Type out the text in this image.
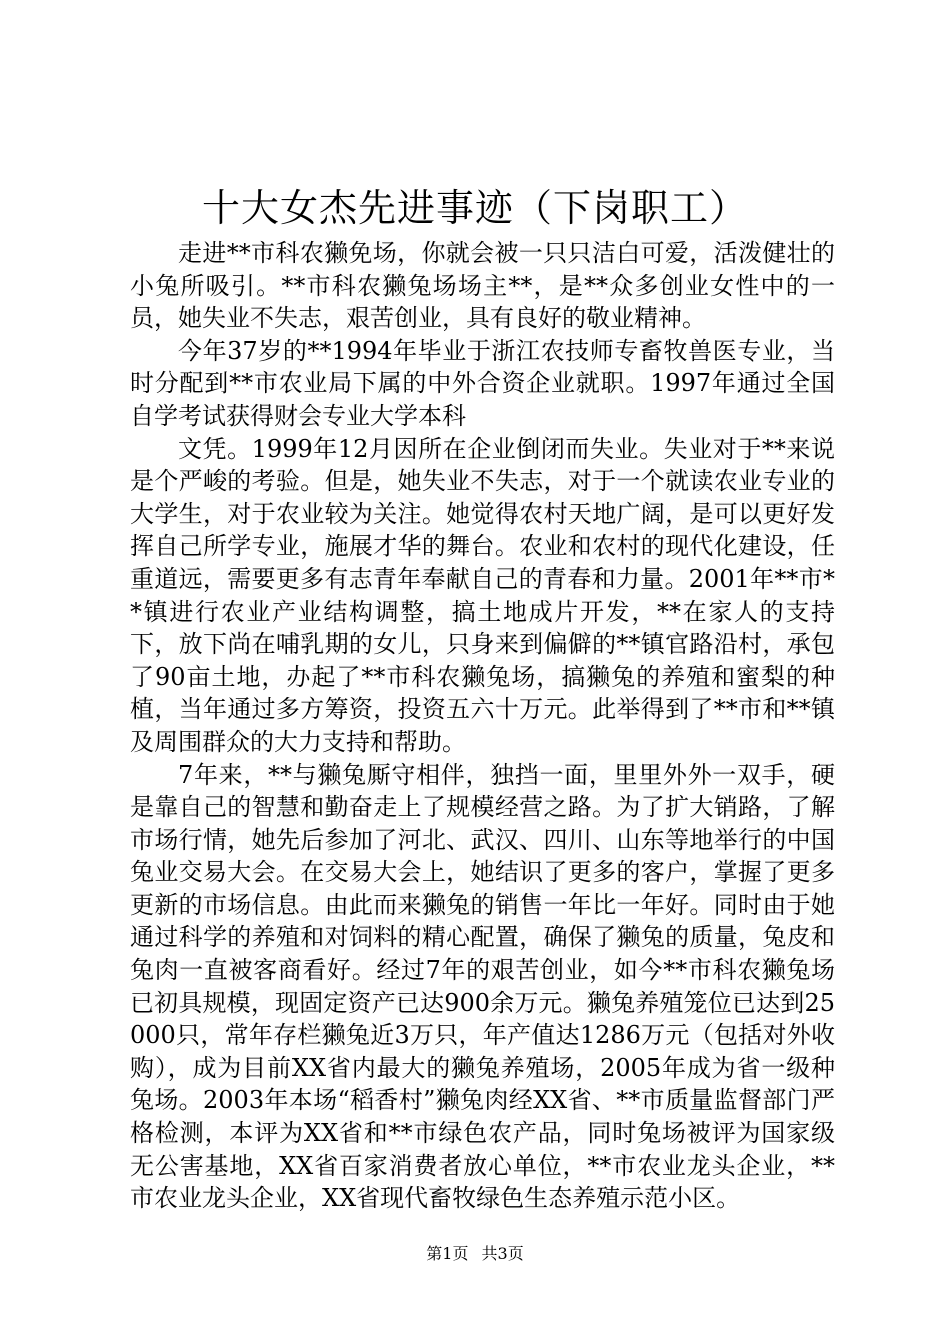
十大女杰先进事迹（下岗职工）

走进**市科农獭免场，你就会被一只只洁白可爱，活泼健壮的小兔所吸引。**市科农獭兔场场主**，是**众多创业女性中的一员，她失业不失志，艰苦创业，具有良好的敬业精神。

今年37岁的**1994年毕业于浙江农技师专畜牧兽医专业，当时分配到**市农业局下属的中外合资企业就职。1997年通过全国自学考试获得财会专业大学本科

文凭。1999年12月因所在企业倒闭而失业。失业对于**来说是个严峻的考验。但是，她失业不失志，对于一个就读农业专业的大学生，对于农业较为关注。她觉得农村天地广阔，是可以更好发挥自己所学专业，施展才华的舞台。农业和农村的现代化建设，任重道远，需要更多有志青年奉献自己的青春和力量。2001年**市**镇进行农业产业结构调整，搞土地成片开发，**在家人的支持下，放下尚在哺乳期的女儿，只身来到偏僻的**镇官路沿村，承包了90亩土地，办起了**市科农獭兔场，搞獭兔的养殖和蜜梨的种植，当年通过多方筹资，投资五六十万元。此举得到了**市和**镇及周围群众的大力支持和帮助。

7年来，**与獭兔厮守相伴，独挡一面，里里外外一双手，硬是靠自己的智慧和勤奋走上了规模经营之路。为了扩大销路，了解市场行情，她先后参加了河北、武汉、四川、山东等地举行的中国兔业交易大会。在交易大会上，她结识了更多的客户，掌握了更多更新的市场信息。由此而来獭兔的销售一年比一年好。同时由于她通过科学的养殖和对饲料的精心配置，确保了獭兔的质量，兔皮和兔肉一直被客商看好。经过7年的艰苦创业，如今**市科农獭兔场已初具规模，现固定资产已达900余万元。獭兔养殖笼位已达到25000只，常年存栏獭兔近3万只，年产值达1286万元（包括对外收购），成为目前XX省内最大的獭兔养殖场，2005年成为省一级种兔场。2003年本场“稻香村”獭兔肉经XX省、**市质量监督部门严格检测，本评为XX省和**市绿色农产品，同时兔场被评为国家级无公害基地，XX省百家消费者放心单位，**市农业龙头企业，**市农业龙头企业，XX省现代畜牧绿色生态养殖示范小区。

第1页 共3页
